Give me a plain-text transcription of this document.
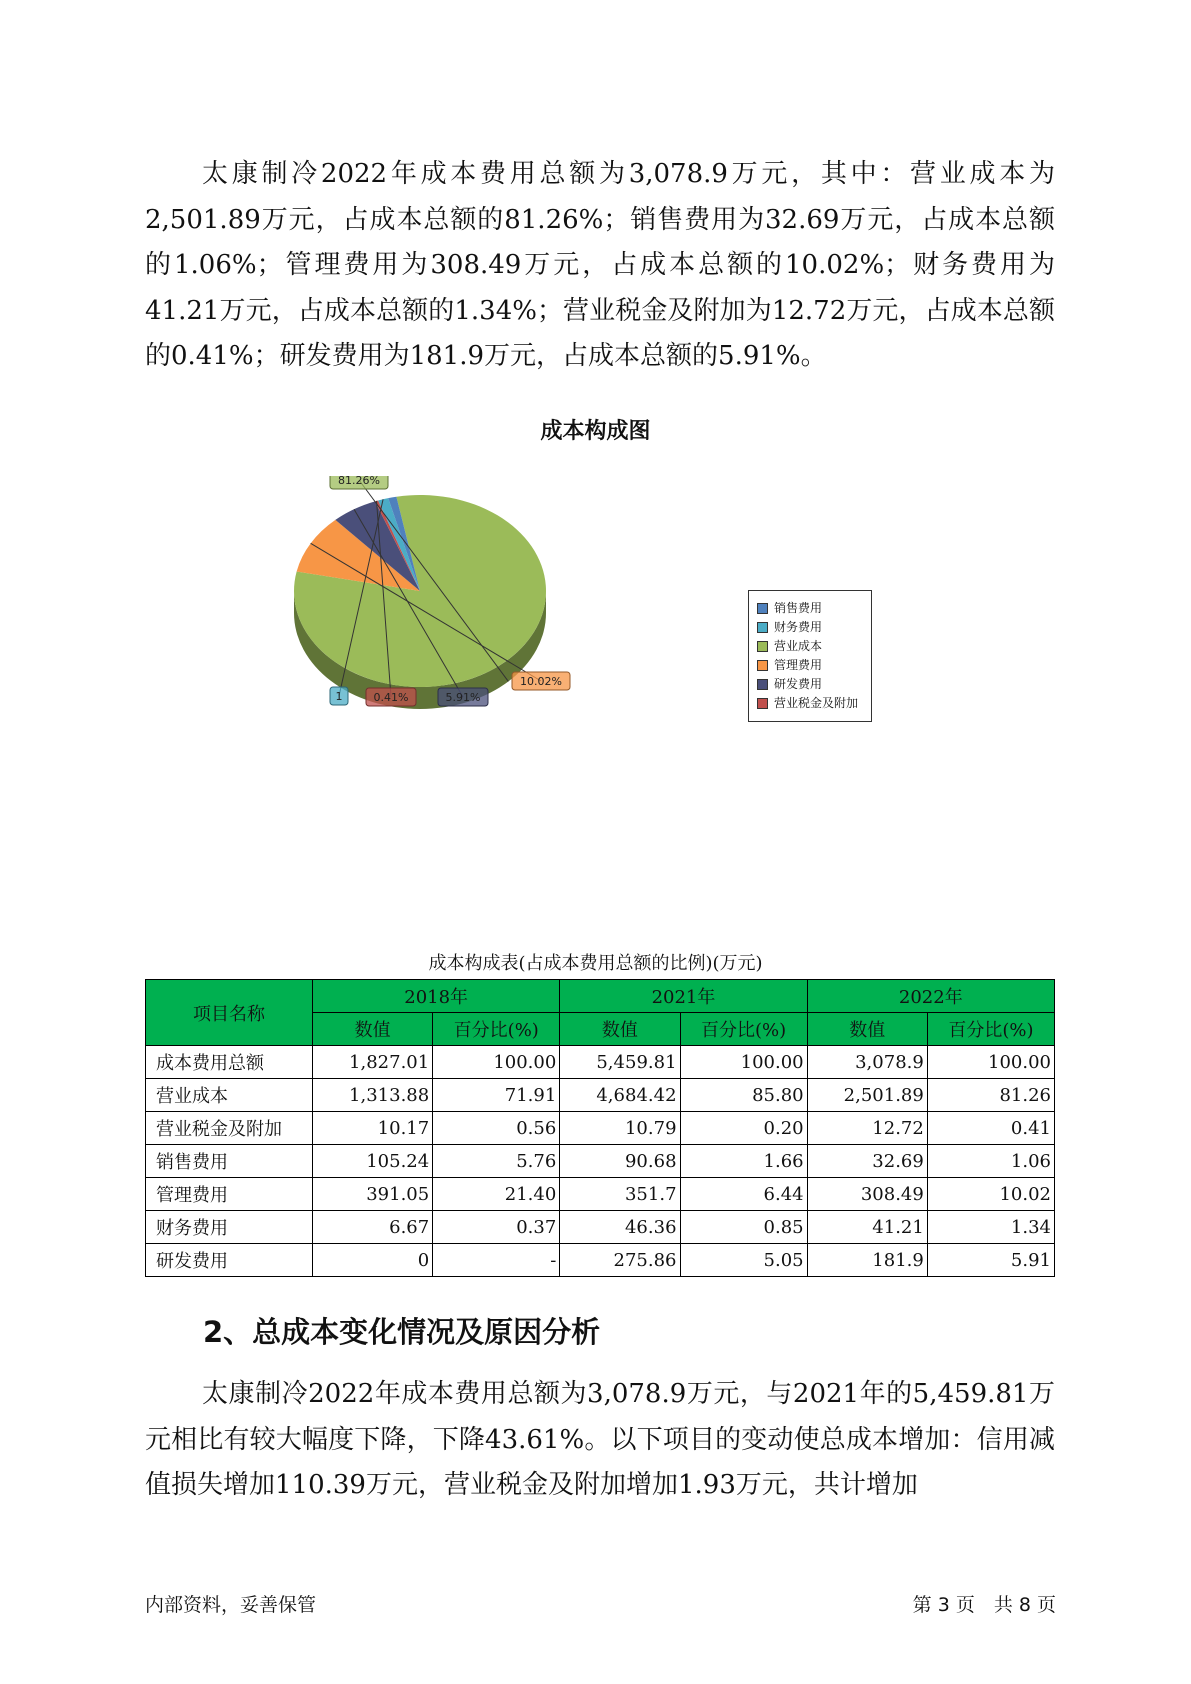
太康制冷2022年成本费用总额为3,078.9万元，其中：营业成本为2,501.89万元，占成本总额的81.26%；销售费用为32.69万元，占成本总额的1.06%；管理费用为308.49万元，占成本总额的10.02%；财务费用为41.21万元，占成本总额的1.34%；营业税金及附加为12.72万元，占成本总额的0.41%；研发费用为181.9万元，占成本总额的5.91%。

成本构成图
81.26%
10.02%
5.91%
0.41%
1
销售费用
财务费用
营业成本
管理费用
研发费用
营业税金及附加
成本构成表(占成本费用总额的比例)(万元)
项目名称	2018年		2021年		2022年	
	数值	百分比(%)	数值	百分比(%)	数值	百分比(%)
成本费用总额	1,827.01	100.00	5,459.81	100.00	3,078.9	100.00
营业成本	1,313.88	71.91	4,684.42	85.80	2,501.89	81.26
营业税金及附加	10.17	0.56	10.79	0.20	12.72	0.41
销售费用	105.24	5.76	90.68	1.66	32.69	1.06
管理费用	391.05	21.40	351.7	6.44	308.49	10.02
财务费用	6.67	0.37	46.36	0.85	41.21	1.34
研发费用	0	-	275.86	5.05	181.9	5.91
2、总成本变化情况及原因分析

太康制冷2022年成本费用总额为3,078.9万元，与2021年的5,459.81万元相比有较大幅度下降，下降43.61%。以下项目的变动使总成本增加：信用减值损失增加110.39万元，营业税金及附加增加1.93万元，共计增加

内部资料，妥善保管	第 3 页　共 8 页
